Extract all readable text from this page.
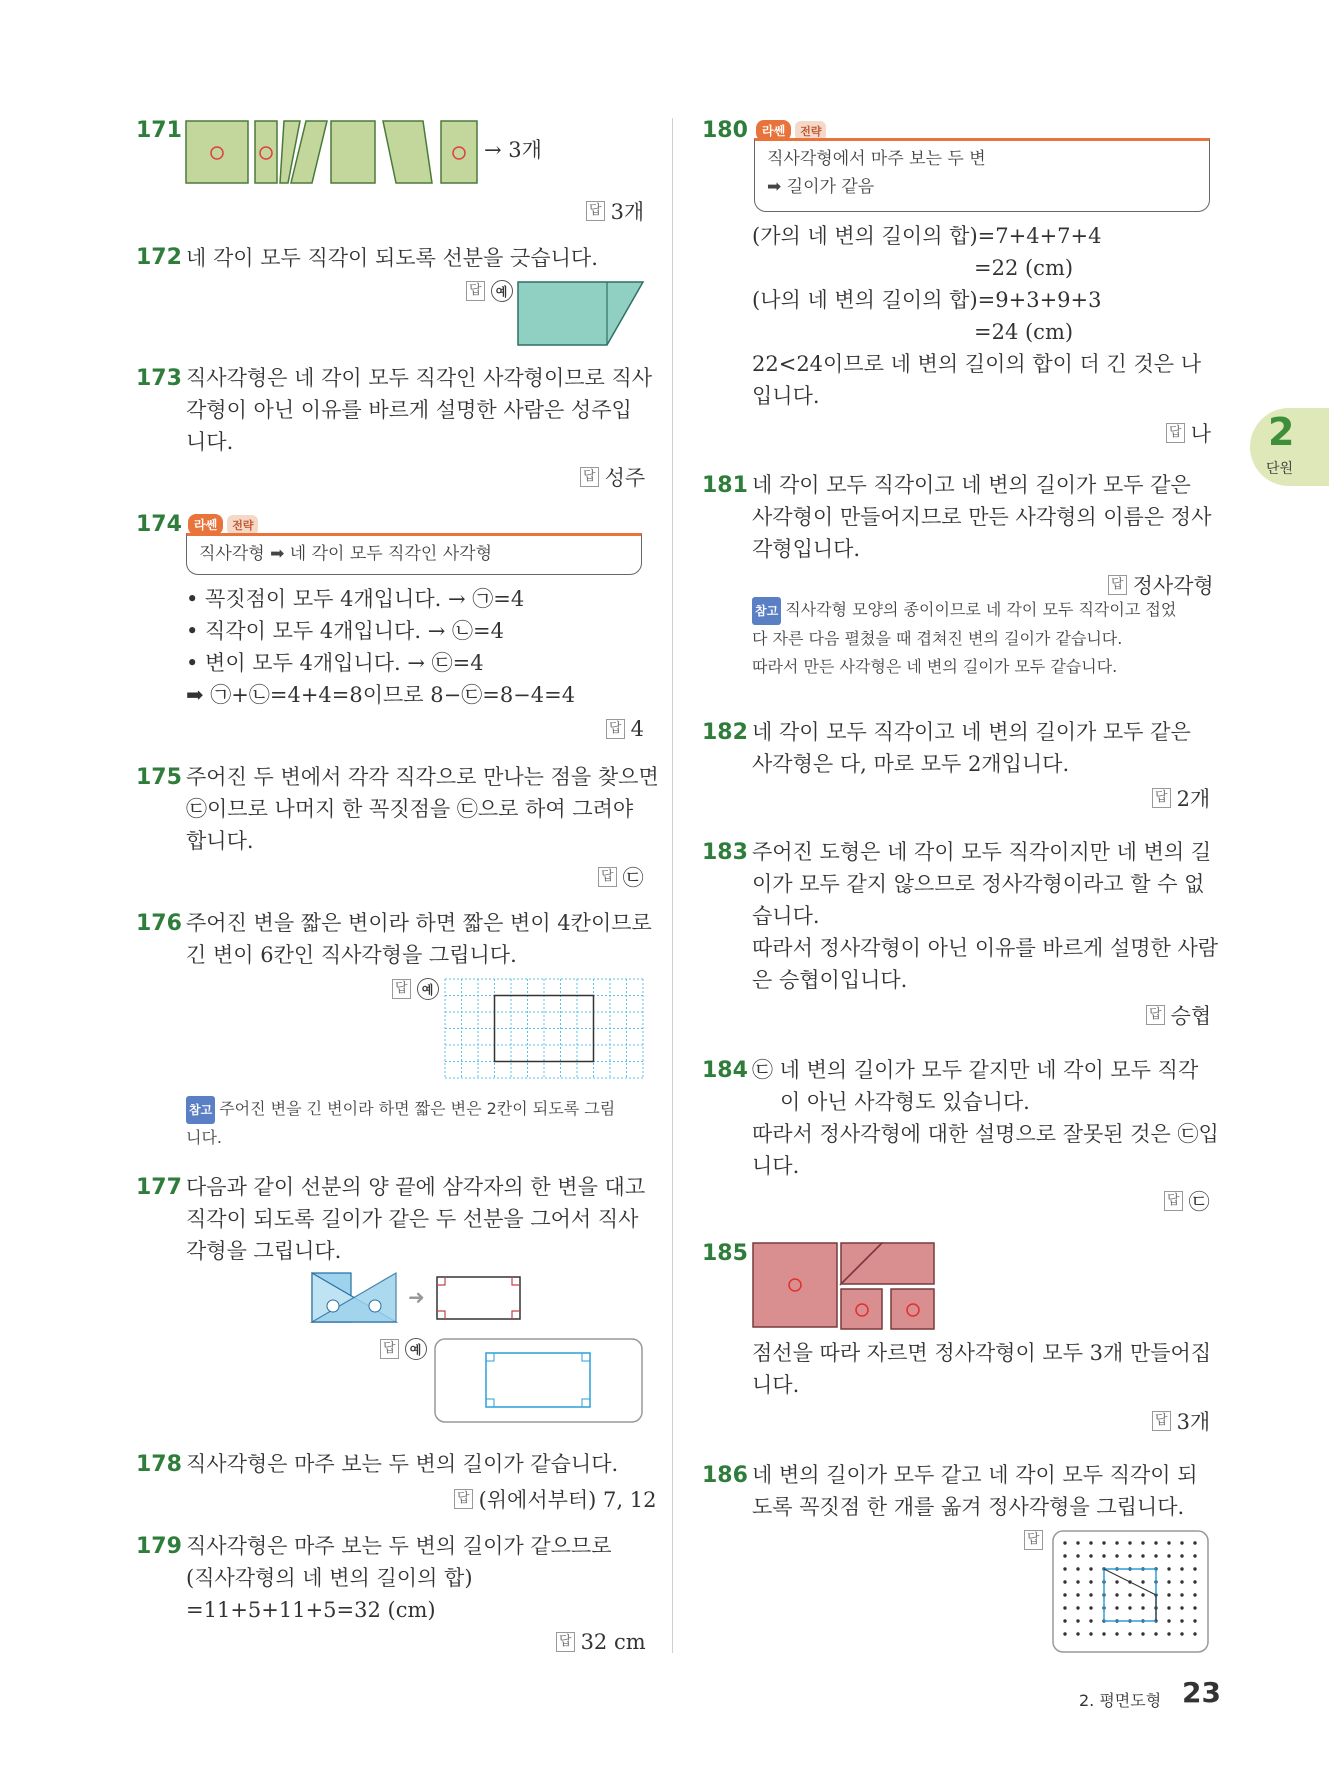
2
단원
171
→ 3개
답 3개
172 네 각이 모두 직각이 되도록 선분을 긋습니다.
답	예
173 직사각형은 네 각이 모두 직각인 사각형이므로 직사
각형이 아닌 이유를 바르게 설명한 사람은 성주입
니다.
답 성주
174	라쎈	전략
직사각형 ➡ 네 각이 모두 직각인 사각형
• 꼭짓점이 모두 4개입니다. → ㉠=4
• 직각이 모두 4개입니다. → ㉡=4
• 변이 모두 4개입니다. → ㉢=4
➡ ㉠+㉡=4+4=8이므로 8−㉢=8−4=4
답 4
175 주어진 두 변에서 각각 직각으로 만나는 점을 찾으면
㉢이므로 나머지 한 꼭짓점을 ㉢으로 하여 그려야
합니다.
답 ㉢
176 주어진 변을 짧은 변이라 하면 짧은 변이 4칸이므로
긴 변이 6칸인 직사각형을 그립니다.
답	예
참고 주어진 변을 긴 변이라 하면 짧은 변은 2칸이 되도록 그림
니다.
177 다음과 같이 선분의 양 끝에 삼각자의 한 변을 대고
직각이 되도록 길이가 같은 두 선분을 그어서 직사
각형을 그립니다.
➜
답	예
178 직사각형은 마주 보는 두 변의 길이가 같습니다.
답 (위에서부터) 7, 12
179 직사각형은 마주 보는 두 변의 길이가 같으므로
(직사각형의 네 변의 길이의 합)
=11+5+11+5=32 (cm)
답 32 cm
180	라쎈	전략
직사각형에서 마주 보는 두 변
➡ 길이가 같음
(가의 네 변의 길이의 합)=7+4+7+4
=22 (cm)
(나의 네 변의 길이의 합)=9+3+9+3
=24 (cm)
22<24이므로 네 변의 길이의 합이 더 긴 것은 나
입니다.
답 나
181 네 각이 모두 직각이고 네 변의 길이가 모두 같은
사각형이 만들어지므로 만든 사각형의 이름은 정사
각형입니다.
답 정사각형
참고 직사각형 모양의 종이이므로 네 각이 모두 직각이고 접었
다 자른 다음 펼쳤을 때 겹쳐진 변의 길이가 같습니다.
따라서 만든 사각형은 네 변의 길이가 모두 같습니다.
182 네 각이 모두 직각이고 네 변의 길이가 모두 같은
사각형은 다, 마로 모두 2개입니다.
답 2개
183 주어진 도형은 네 각이 모두 직각이지만 네 변의 길
이가 모두 같지 않으므로 정사각형이라고 할 수 없
습니다.
따라서 정사각형이 아닌 이유를 바르게 설명한 사람
은 승협이입니다.
답 승협
184 ㉢ 네 변의 길이가 모두 같지만 네 각이 모두 직각
이 아닌 사각형도 있습니다.
따라서 정사각형에 대한 설명으로 잘못된 것은 ㉢입
니다.
답 ㉢
185
점선을 따라 자르면 정사각형이 모두 3개 만들어집
니다.
답 3개
186 네 변의 길이가 모두 같고 네 각이 모두 직각이 되
도록 꼭짓점 한 개를 옮겨 정사각형을 그립니다.
답
2. 평면도형 23
